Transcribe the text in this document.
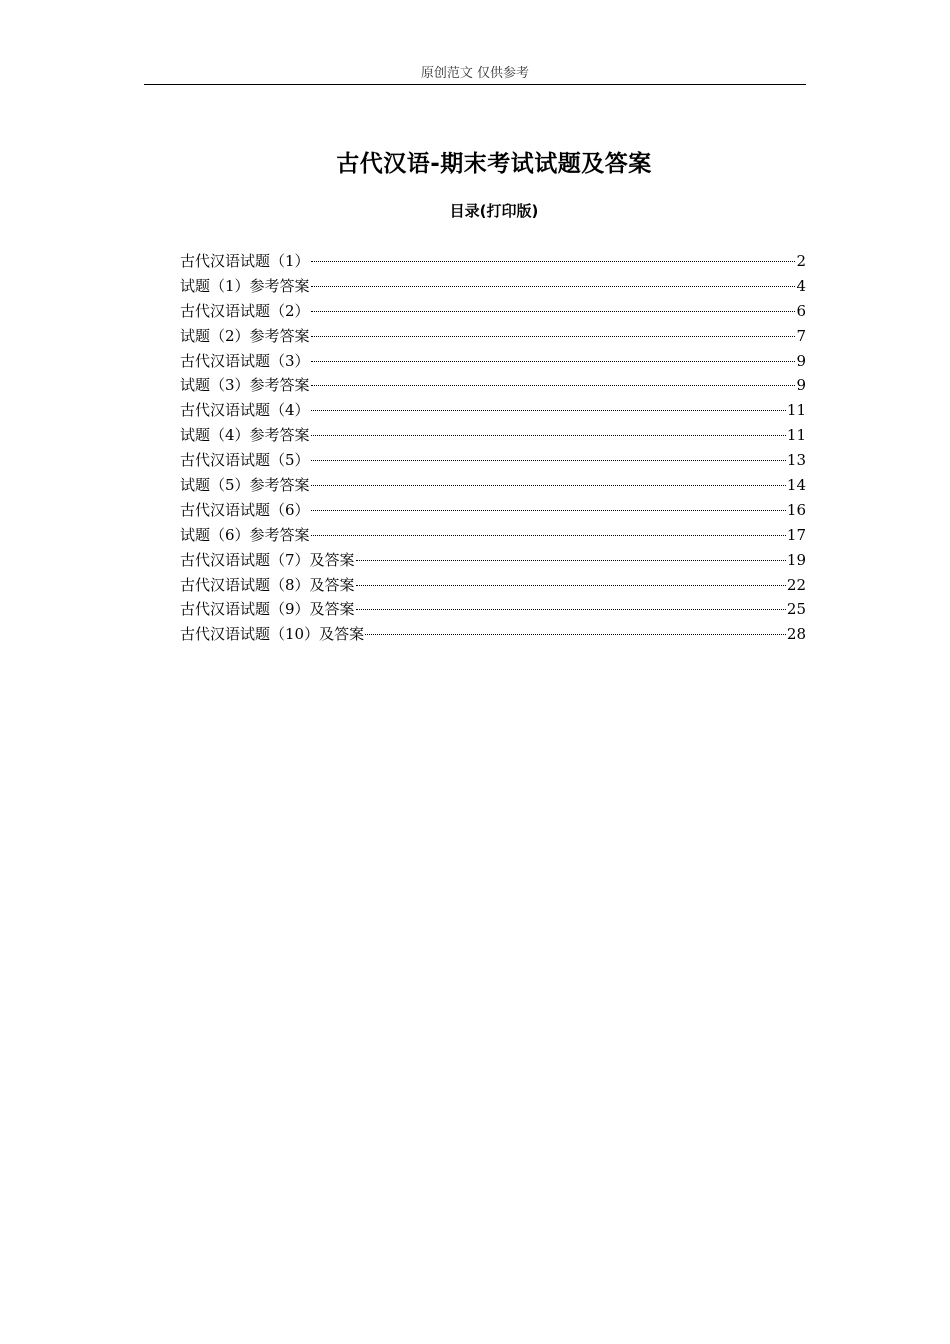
原创范文 仅供参考
古代汉语-期末考试试题及答案
目录(打印版)
古代汉语试题（1）	2
试题（1）参考答案	4
古代汉语试题（2）	6
试题（2）参考答案	7
古代汉语试题（3）	9
试题（3）参考答案	9
古代汉语试题（4）	11
试题（4）参考答案	11
古代汉语试题（5）	13
试题（5）参考答案	14
古代汉语试题（6）	16
试题（6）参考答案	17
古代汉语试题（7）及答案	19
古代汉语试题（8）及答案	22
古代汉语试题（9）及答案	25
古代汉语试题（10）及答案	28
